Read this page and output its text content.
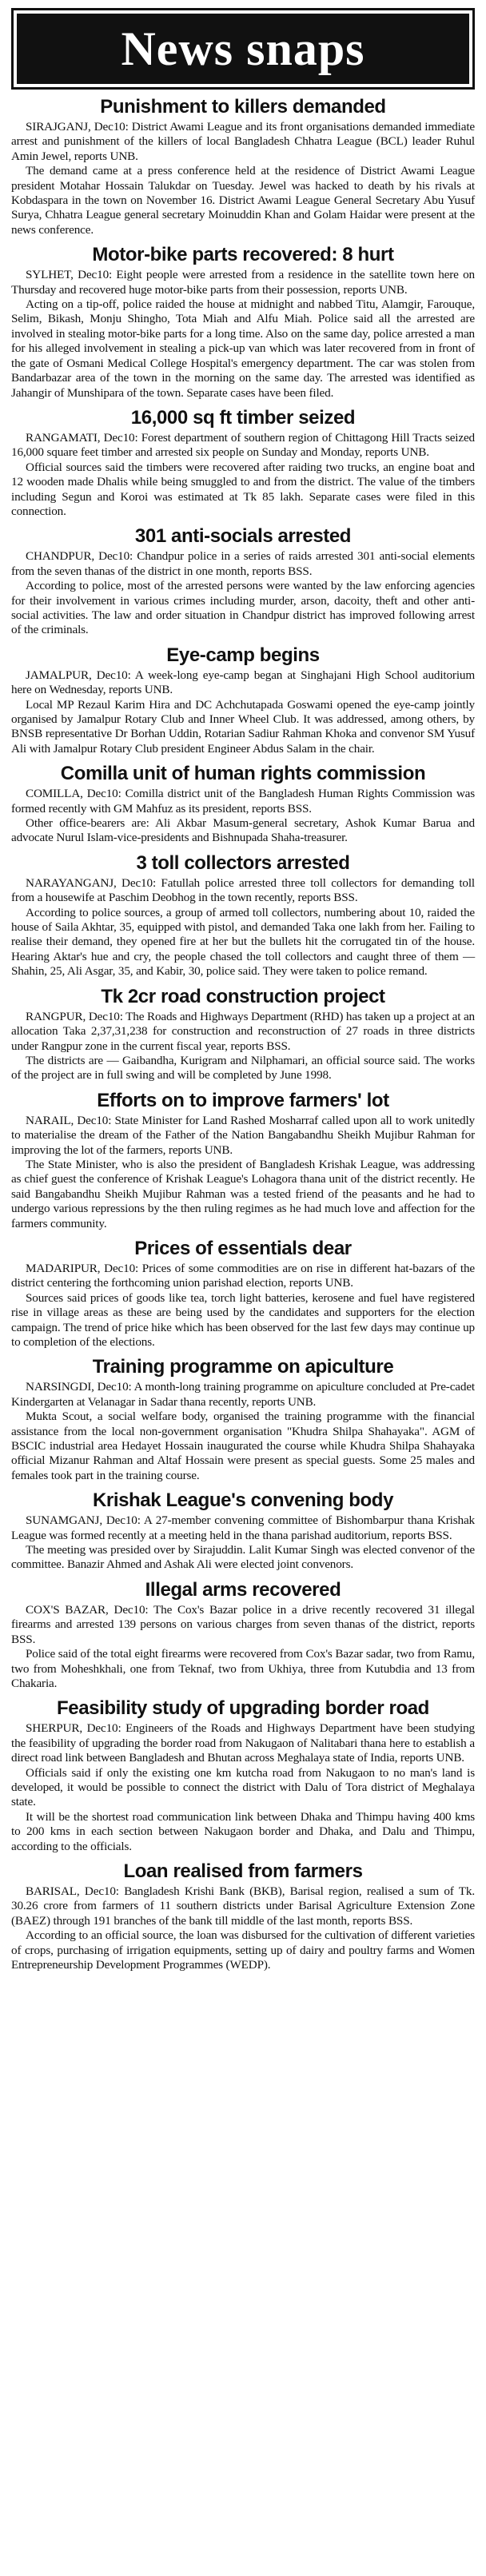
News snaps
Punishment to killers demanded

SIRAJGANJ, Dec10: District Awami League and its front organisations demanded immediate arrest and punishment of the killers of local Bangladesh Chhatra League (BCL) leader Ruhul Amin Jewel, reports UNB.

The demand came at a press conference held at the residence of District Awami League president Motahar Hossain Talukdar on Tuesday. Jewel was hacked to death by his rivals at Kobdaspara in the town on November 16. District Awami League General Secretary Abu Yusuf Surya, Chhatra League general secretary Moinuddin Khan and Golam Haidar were present at the news conference.

Motor-bike parts recovered: 8 hurt

SYLHET, Dec10: Eight people were arrested from a residence in the satellite town here on Thursday and recovered huge motor-bike parts from their possession, reports UNB.

Acting on a tip-off, police raided the house at midnight and nabbed Titu, Alamgir, Farouque, Selim, Bikash, Monju Shingho, Tota Miah and Alfu Miah. Police said all the arrested are involved in stealing motor-bike parts for a long time. Also on the same day, police arrested a man for his alleged involvement in stealing a pick-up van which was later recovered from in front of the gate of Osmani Medical College Hospital's emergency department. The car was stolen from Bandarbazar area of the town in the morning on the same day. The arrested was identified as Jahangir of Munshipara of the town. Separate cases have been filed.

16,000 sq ft timber seized

RANGAMATI, Dec10: Forest department of southern region of Chittagong Hill Tracts seized 16,000 square feet timber and arrested six people on Sunday and Monday, reports UNB.

Official sources said the timbers were recovered after raiding two trucks, an engine boat and 12 wooden made Dhalis while being smuggled to and from the district. The value of the timbers including Segun and Koroi was estimated at Tk 85 lakh. Separate cases were filed in this connection.

301 anti-socials arrested

CHANDPUR, Dec10: Chandpur police in a series of raids arrested 301 anti-social elements from the seven thanas of the district in one month, reports BSS.

According to police, most of the arrested persons were wanted by the law enforcing agencies for their involvement in various crimes including murder, arson, dacoity, theft and other anti-social activities. The law and order situation in Chandpur district has improved following arrest of the criminals.

Eye-camp begins

JAMALPUR, Dec10: A week-long eye-camp began at Singhajani High School auditorium here on Wednesday, reports UNB.

Local MP Rezaul Karim Hira and DC Achchutapada Goswami opened the eye-camp jointly organised by Jamalpur Rotary Club and Inner Wheel Club. It was addressed, among others, by BNSB representative Dr Borhan Uddin, Rotarian Sadiur Rahman Khoka and convenor SM Yusuf Ali with Jamalpur Rotary Club president Engineer Abdus Salam in the chair.

Comilla unit of human rights commission

COMILLA, Dec10: Comilla district unit of the Bangladesh Human Rights Commission was formed recently with GM Mahfuz as its president, reports BSS.

Other office-bearers are: Ali Akbar Masum-general secretary, Ashok Kumar Barua and advocate Nurul Islam-vice-presidents and Bishnupada Shaha-treasurer.

3 toll collectors arrested

NARAYANGANJ, Dec10: Fatullah police arrested three toll collectors for demanding toll from a housewife at Paschim Deobhog in the town recently, reports BSS.

According to police sources, a group of armed toll collectors, numbering about 10, raided the house of Saila Akhtar, 35, equipped with pistol, and demanded Taka one lakh from her. Failing to realise their demand, they opened fire at her but the bullets hit the corrugated tin of the house. Hearing Aktar's hue and cry, the people chased the toll collectors and caught three of them — Shahin, 25, Ali Asgar, 35, and Kabir, 30, police said. They were taken to police remand.

Tk 2cr road construction project

RANGPUR, Dec10: The Roads and Highways Department (RHD) has taken up a project at an allocation Taka 2,37,31,238 for construction and reconstruction of 27 roads in three districts under Rangpur zone in the current fiscal year, reports BSS.

The districts are — Gaibandha, Kurigram and Nilphamari, an official source said. The works of the project are in full swing and will be completed by June 1998.

Efforts on to improve farmers' lot

NARAIL, Dec10: State Minister for Land Rashed Mosharraf called upon all to work unitedly to materialise the dream of the Father of the Nation Bangabandhu Sheikh Mujibur Rahman for improving the lot of the farmers, reports UNB.

The State Minister, who is also the president of Bangladesh Krishak League, was addressing as chief guest the conference of Krishak League's Lohagora thana unit of the district recently. He said Bangabandhu Sheikh Mujibur Rahman was a tested friend of the peasants and he had to undergo various repressions by the then ruling regimes as he had much love and affection for the farmers community.

Prices of essentials dear

MADARIPUR, Dec10: Prices of some commodities are on rise in different hat-bazars of the district centering the forthcoming union parishad election, reports UNB.

Sources said prices of goods like tea, torch light batteries, kerosene and fuel have registered rise in village areas as these are being used by the candidates and supporters for the election campaign. The trend of price hike which has been observed for the last few days may continue up to completion of the elections.

Training programme on apiculture

NARSINGDI, Dec10: A month-long training programme on apiculture concluded at Pre-cadet Kindergarten at Velanagar in Sadar thana recently, reports UNB.

Mukta Scout, a social welfare body, organised the training programme with the financial assistance from the local non-government organisation "Khudra Shilpa Shahayaka". AGM of BSCIC industrial area Hedayet Hossain inaugurated the course while Khudra Shilpa Shahayaka official Mizanur Rahman and Altaf Hossain were present as special guests. Some 25 males and females took part in the training course.

Krishak League's convening body

SUNAMGANJ, Dec10: A 27-member convening committee of Bishombarpur thana Krishak League was formed recently at a meeting held in the thana parishad auditorium, reports BSS.

The meeting was presided over by Sirajuddin. Lalit Kumar Singh was elected convenor of the committee. Banazir Ahmed and Ashak Ali were elected joint convenors.

Illegal arms recovered

COX'S BAZAR, Dec10: The Cox's Bazar police in a drive recently recovered 31 illegal firearms and arrested 139 persons on various charges from seven thanas of the district, reports BSS.

Police said of the total eight firearms were recovered from Cox's Bazar sadar, two from Ramu, two from Moheshkhali, one from Teknaf, two from Ukhiya, three from Kutubdia and 13 from Chakaria.

Feasibility study of upgrading border road

SHERPUR, Dec10: Engineers of the Roads and Highways Department have been studying the feasibility of upgrading the border road from Nakugaon of Nalitabari thana here to establish a direct road link between Bangladesh and Bhutan across Meghalaya state of India, reports UNB.

Officials said if only the existing one km kutcha road from Nakugaon to no man's land is developed, it would be possible to connect the district with Dalu of Tora district of Meghalaya state.

It will be the shortest road communication link between Dhaka and Thimpu having 400 kms to 200 kms in each section between Nakugaon border and Dhaka, and Dalu and Thimpu, according to the officials.

Loan realised from farmers

BARISAL, Dec10: Bangladesh Krishi Bank (BKB), Barisal region, realised a sum of Tk. 30.26 crore from farmers of 11 southern districts under Barisal Agriculture Extension Zone (BAEZ) through 191 branches of the bank till middle of the last month, reports BSS.

According to an official source, the loan was disbursed for the cultivation of different varieties of crops, purchasing of irrigation equipments, setting up of dairy and poultry farms and Women Entrepreneurship Development Programmes (WEDP).
